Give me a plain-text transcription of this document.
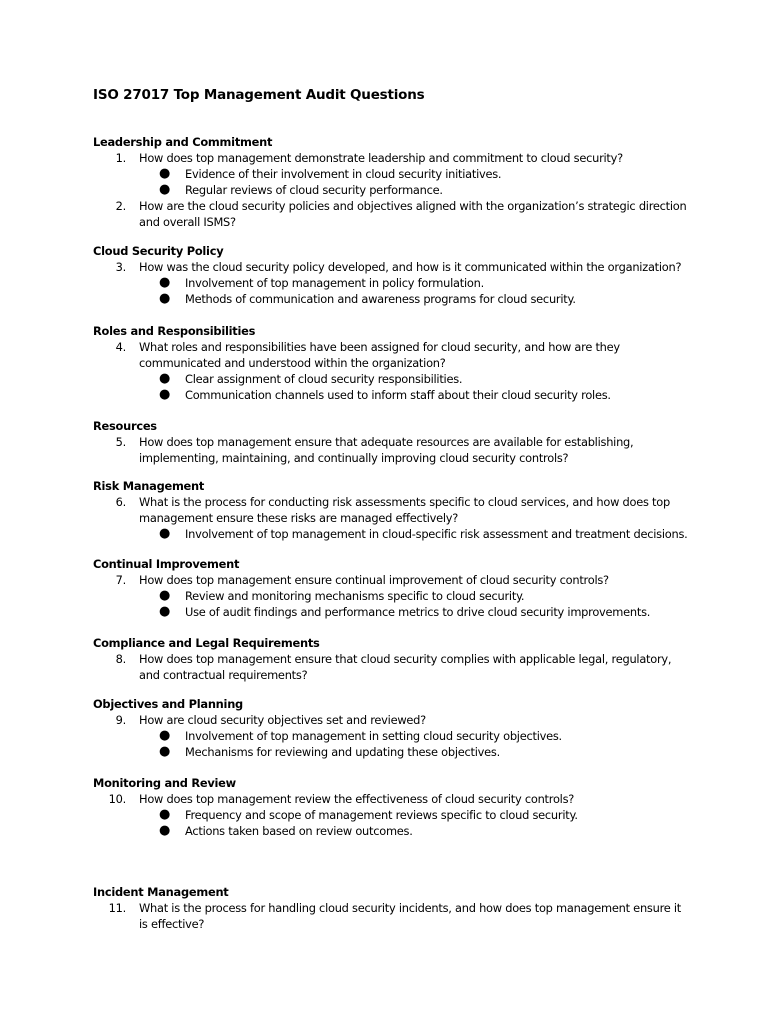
ISO 27017 Top Management Audit Questions
Leadership and Commitment
1. How does top management demonstrate leadership and commitment to cloud security?
● Evidence of their involvement in cloud security initiatives.
● Regular reviews of cloud security performance.
2. How are the cloud security policies and objectives aligned with the organization’s strategic direction and overall ISMS?
Cloud Security Policy
3. How was the cloud security policy developed, and how is it communicated within the organization?
● Involvement of top management in policy formulation.
● Methods of communication and awareness programs for cloud security.
Roles and Responsibilities
4. What roles and responsibilities have been assigned for cloud security, and how are they communicated and understood within the organization?
● Clear assignment of cloud security responsibilities.
● Communication channels used to inform staff about their cloud security roles.
Resources
5. How does top management ensure that adequate resources are available for establishing, implementing, maintaining, and continually improving cloud security controls?
Risk Management
6. What is the process for conducting risk assessments specific to cloud services, and how does top management ensure these risks are managed effectively?
● Involvement of top management in cloud-specific risk assessment and treatment decisions.
Continual Improvement
7. How does top management ensure continual improvement of cloud security controls?
● Review and monitoring mechanisms specific to cloud security.
● Use of audit findings and performance metrics to drive cloud security improvements.
Compliance and Legal Requirements
8. How does top management ensure that cloud security complies with applicable legal, regulatory, and contractual requirements?
Objectives and Planning
9. How are cloud security objectives set and reviewed?
● Involvement of top management in setting cloud security objectives.
● Mechanisms for reviewing and updating these objectives.
Monitoring and Review
10. How does top management review the effectiveness of cloud security controls?
● Frequency and scope of management reviews specific to cloud security.
● Actions taken based on review outcomes.
Incident Management
11. What is the process for handling cloud security incidents, and how does top management ensure it is effective?
